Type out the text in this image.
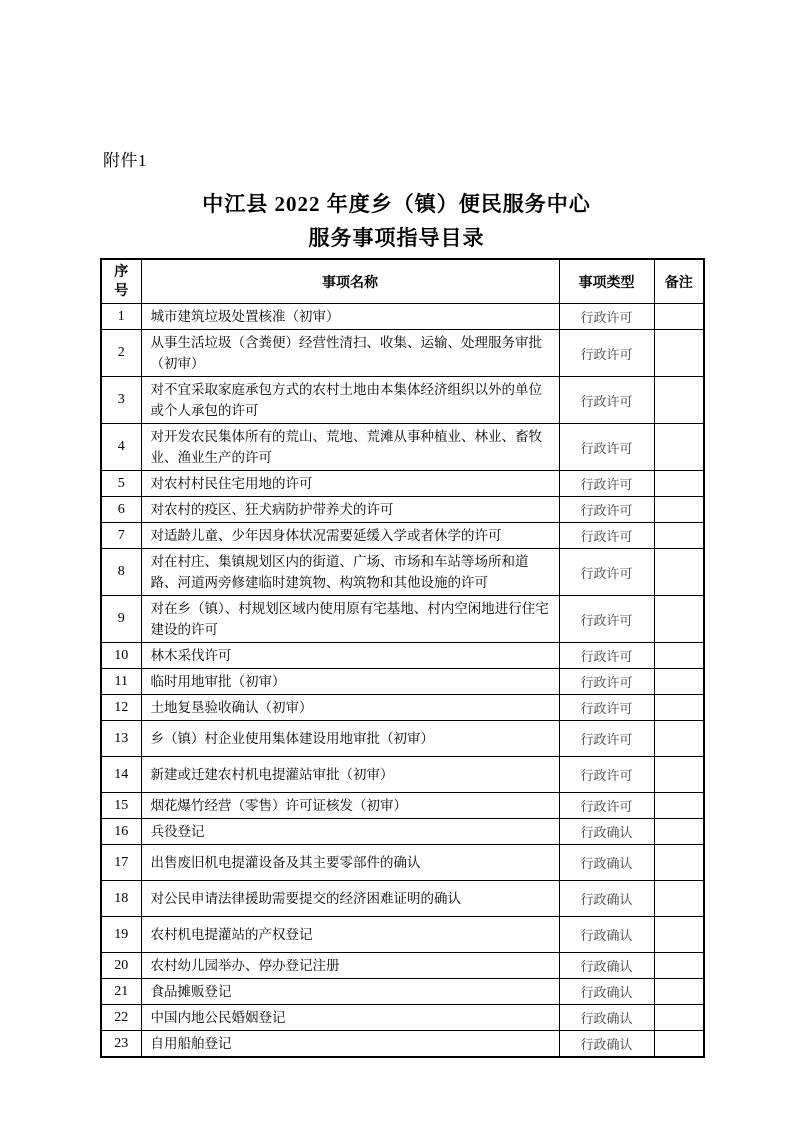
附件1
中江县 2022 年度乡（镇）便民服务中心
服务事项指导目录
序号	事项名称	事项类型	备注
1	城市建筑垃圾处置核准（初审）	行政许可	
2	从事生活垃圾（含粪便）经营性清扫、收集、运输、处理服务审批（初审）	行政许可	
3	对不宜采取家庭承包方式的农村土地由本集体经济组织以外的单位或个人承包的许可	行政许可	
4	对开发农民集体所有的荒山、荒地、荒滩从事种植业、林业、畜牧业、渔业生产的许可	行政许可	
5	对农村村民住宅用地的许可	行政许可	
6	对农村的疫区、狂犬病防护带养犬的许可	行政许可	
7	对适龄儿童、少年因身体状况需要延缓入学或者休学的许可	行政许可	
8	对在村庄、集镇规划区内的街道、广场、市场和车站等场所和道路、河道两旁修建临时建筑物、构筑物和其他设施的许可	行政许可	
9	对在乡（镇）、村规划区域内使用原有宅基地、村内空闲地进行住宅建设的许可	行政许可	
10	林木采伐许可	行政许可	
11	临时用地审批（初审）	行政许可	
12	土地复垦验收确认（初审）	行政许可	
13	乡（镇）村企业使用集体建设用地审批（初审）	行政许可	
14	新建或迁建农村机电提灌站审批（初审）	行政许可	
15	烟花爆竹经营（零售）许可证核发（初审）	行政许可	
16	兵役登记	行政确认	
17	出售废旧机电提灌设备及其主要零部件的确认	行政确认	
18	对公民申请法律援助需要提交的经济困难证明的确认	行政确认	
19	农村机电提灌站的产权登记	行政确认	
20	农村幼儿园举办、停办登记注册	行政确认	
21	食品摊贩登记	行政确认	
22	中国内地公民婚姻登记	行政确认	
23	自用船舶登记	行政确认	
